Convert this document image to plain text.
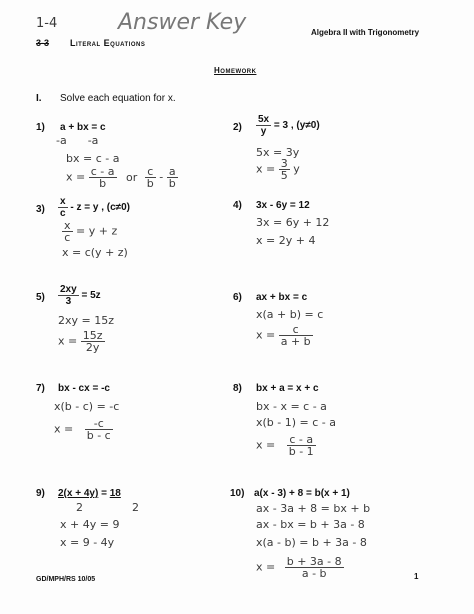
1-4	Answer Key
3-3 Literal Equations
Algebra II with Trigonometry
Homework
I. Solve each equation for x.
1) a + bx = c
-a      -a
bx = c - a
$x = \frac{c - a}{b}$ or $\frac{c}{b} - \frac{a}{b}$
$2) \frac{5x}{y} = 3$ , (y≠0)
5x = 3y
$x = \frac{3}{5}$ y
$3) \frac{x}{c} - z = y$ , (c≠0)
$\frac{x}{c} = y + z$
x = c(y + z)
4) 3x - 6y = 12
3x = 6y + 12
x = 2y + 4
$5) \frac{2xy}{3} = 5z$
2xy = 15z
$x = \frac{15z}{2y}$
6) ax + bx = c
x(a + b) = c
$x = \frac{c}{a + b}$
7) bx - cx = -c
x(b - c) = -c
$x = \frac{-c}{b - c}$
8) bx + a = x + c
bx - x = c - a
x(b - 1) = c - a
$x = \frac{c - a}{b - 1}$
9) 2(x + 4y) = 18
2	2
x + 4y = 9
x = 9 - 4y
10) a(x - 3) + 8 = b(x + 1)
ax - 3a + 8 = bx + b
ax - bx = b + 3a - 8
x(a - b) = b + 3a - 8
$x = \frac{b + 3a - 8}{a - b}$
GD/MPH/RS 10/05	1
